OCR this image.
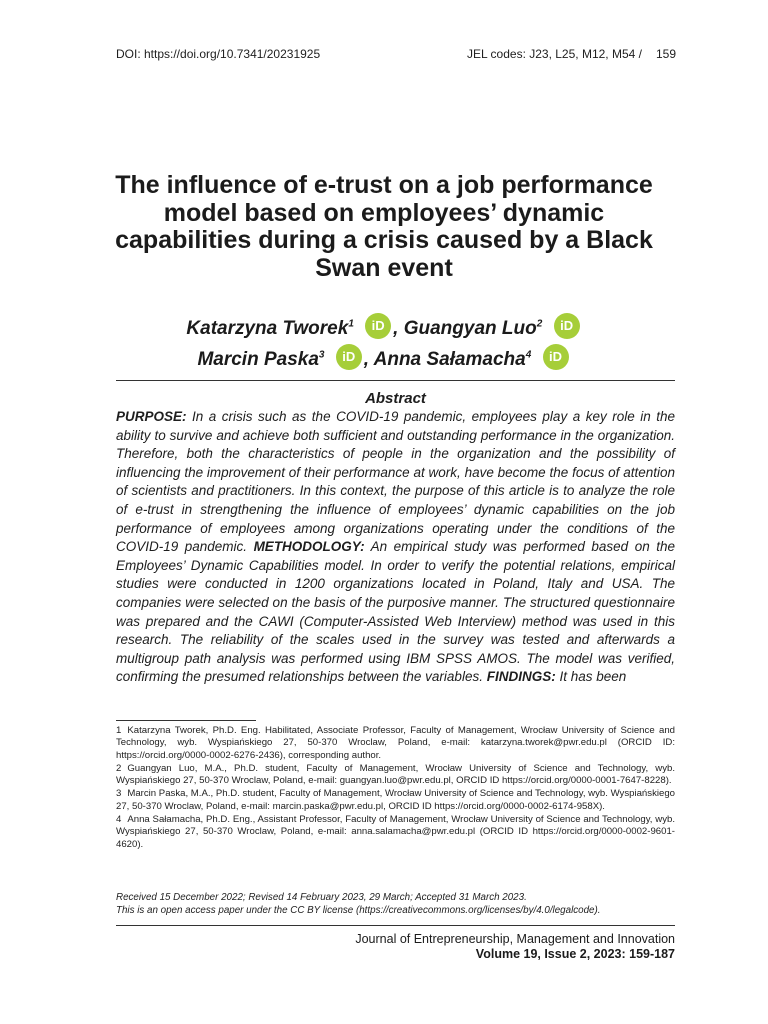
DOI: https://doi.org/10.7341/20231925	JEL codes: J23, L25, M12, M54 / 159
The influence of e-trust on a job performance model based on employees’ dynamic capabilities during a crisis caused by a Black Swan event
Katarzyna Tworek$^1$ iD , Guangyan Luo$^2$ iD
Marcin Paska$^3$ iD , Anna Sałamacha$^4$ iD
Abstract
PURPOSE: In a crisis such as the COVID-19 pandemic, employees play a key role in the ability to survive and achieve both sufficient and outstanding performance in the organization. Therefore, both the characteristics of people in the organization and the possibility of influencing the improvement of their performance at work, have become the focus of attention of scientists and practitioners. In this context, the purpose of this article is to analyze the role of e-trust in strengthening the influence of employees’ dynamic capabilities on the job performance of employees among organizations operating under the conditions of the COVID-19 pandemic. METHODOLOGY: An empirical study was performed based on the Employees’ Dynamic Capabilities model. In order to verify the potential relations, empirical studies were conducted in 1200 organizations located in Poland, Italy and USA. The companies were selected on the basis of the purposive manner. The structured questionnaire was prepared and the CAWI (Computer-Assisted Web Interview) method was used in this research. The reliability of the scales used in the survey was tested and afterwards a multigroup path analysis was performed using IBM SPSS AMOS. The model was verified, confirming the presumed relationships between the variables. FINDINGS: It has been
1 Katarzyna Tworek, Ph.D. Eng. Habilitated, Associate Professor, Faculty of Management, Wrocław University of Science and Technology, wyb. Wyspiańskiego 27, 50-370 Wroclaw, Poland, e-mail: katarzyna.tworek@pwr.edu.pl (ORCID ID: https://orcid.org/0000-0002-6276-2436), corresponding author.
2 Guangyan Luo, M.A., Ph.D. student, Faculty of Management, Wrocław University of Science and Technology, wyb. Wyspiańskiego 27, 50-370 Wroclaw, Poland, e-mail: guangyan.luo@pwr.edu.pl, ORCID ID https://orcid.org/0000-0001-7647-8228).
3 Marcin Paska, M.A., Ph.D. student, Faculty of Management, Wrocław University of Science and Technology, wyb. Wyspiańskiego 27, 50-370 Wroclaw, Poland, e-mail: marcin.paska@pwr.edu.pl, ORCID ID https://orcid.org/0000-0002-6174-958X).
4 Anna Sałamacha, Ph.D. Eng., Assistant Professor, Faculty of Management, Wrocław University of Science and Technology, wyb. Wyspiańskiego 27, 50-370 Wroclaw, Poland, e-mail: anna.salamacha@pwr.edu.pl (ORCID ID https://orcid.org/0000-0002-9601-4620).
Received 15 December 2022; Revised 14 February 2023, 29 March; Accepted 31 March 2023.
This is an open access paper under the CC BY license (https://creativecommons.org/licenses/by/4.0/legalcode).
Journal of Entrepreneurship, Management and Innovation
Volume 19, Issue 2, 2023: 159-187
